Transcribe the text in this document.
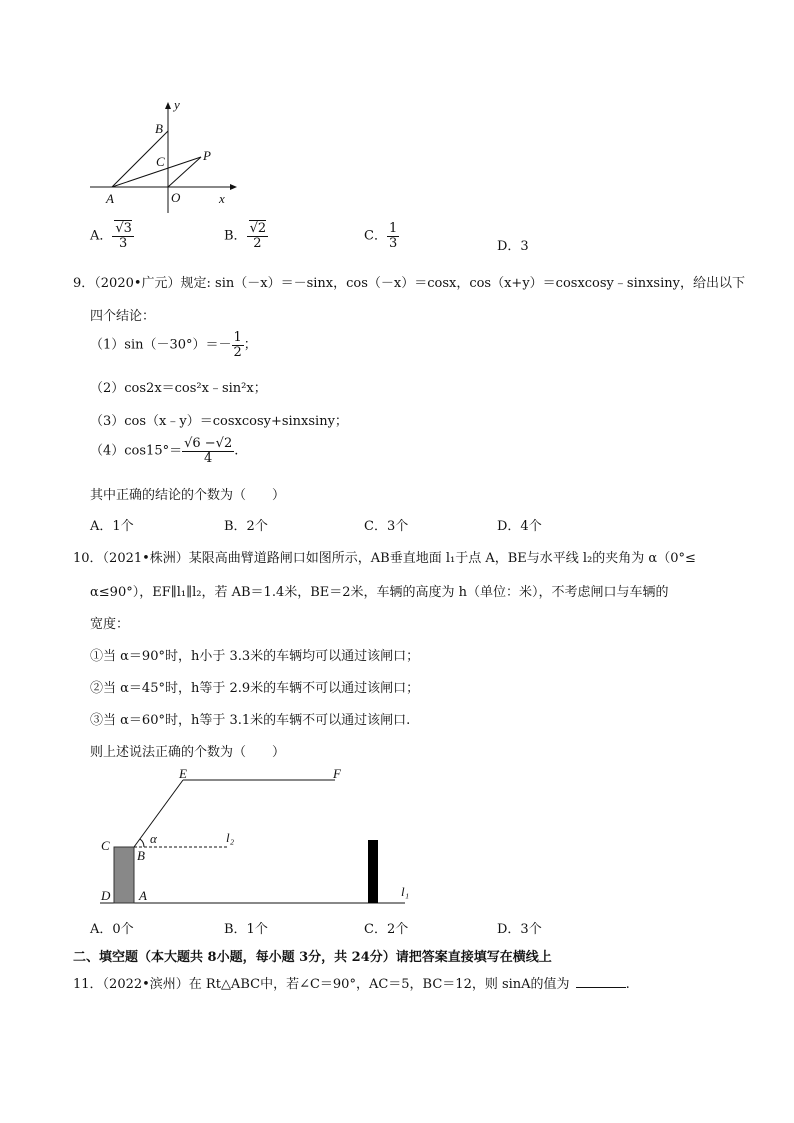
y
B
C	P
A	O	x
A． $\frac{√3}{3}$	B． $\frac{√2}{2}$	C． $\frac{1}{3}$	D．3
9．（2020•广元）规定: sin（－x）＝－sinx，cos（－x）＝cosx，cos（x+y）＝cosxcosy﹣sinxsiny，给出以下
四个结论：
$(1)\sin(-30^\circ)=- \frac{1}{2}$ ；
（2）cos2x＝cos²x﹣sin²x；
（3）cos（x﹣y）＝cosxcosy+sinxsiny；
$(4)\cos 15^\circ= \frac{√6 -√2}{4}$ .
其中正确的结论的个数为（　　）
A．1个	B．2个	C．3个	D．4个
10．（2021•株洲）某限高曲臂道路闸口如图所示，AB垂直地面 l₁于点 A，BE与水平线 l₂的夹角为 α（0°≤
α≤90°），EF∥l₁∥l₂，若 AB＝1.4米，BE＝2米，车辆的高度为 h（单位：米），不考虑闸口与车辆的
宽度：
①当 α＝90°时，h小于 3.3米的车辆均可以通过该闸口；
②当 α＝45°时，h等于 2.9米的车辆不可以通过该闸口；
③当 α＝60°时，h等于 3.1米的车辆不可以通过该闸口.
则上述说法正确的个数为（　　）
E	F
α	l₂
C
B
D A	l₁
A．0个	B．1个	C．2个	D．3个
二、填空题（本大题共 8小题，每小题 3分，共 24分）请把答案直接填写在横线上
11．（2022•滨州）在 Rt△ABC中，若∠C＝90°，AC＝5，BC＝12，则 sinA的值为	.
